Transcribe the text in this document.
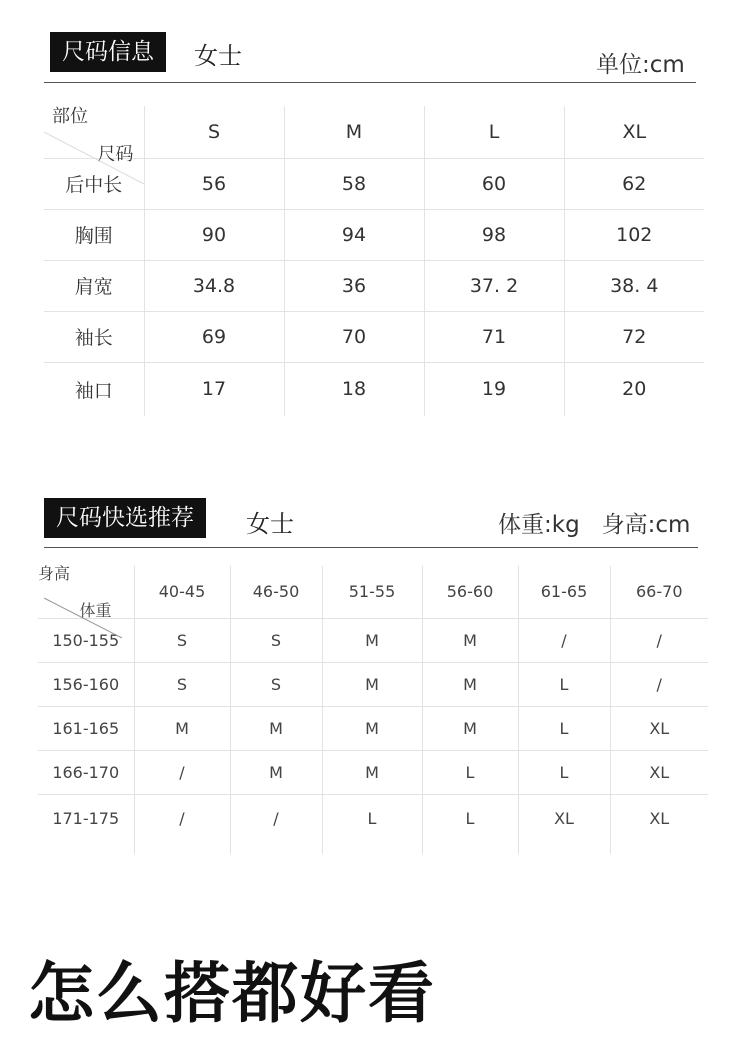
尺码信息	女士	单位:cm
尺码
部位	S	M	L	XL
后中长	56	58	60	62
胸围	90	94	98	102
肩宽	34.8	36	37. 2	38. 4
袖长	69	70	71	72
袖口	17	18	19	20
尺码快选推荐	女士	体重:kg   身高:cm
体重
身高	40-45	46-50	51-55	56-60	61-65	66-70
150-155	S	S	M	M	/	/
156-160	S	S	M	M	L	/
161-165	M	M	M	M	L	XL
166-170	/	M	M	L	L	XL
171-175	/	/	L	L	XL	XL
怎么搭都好看
